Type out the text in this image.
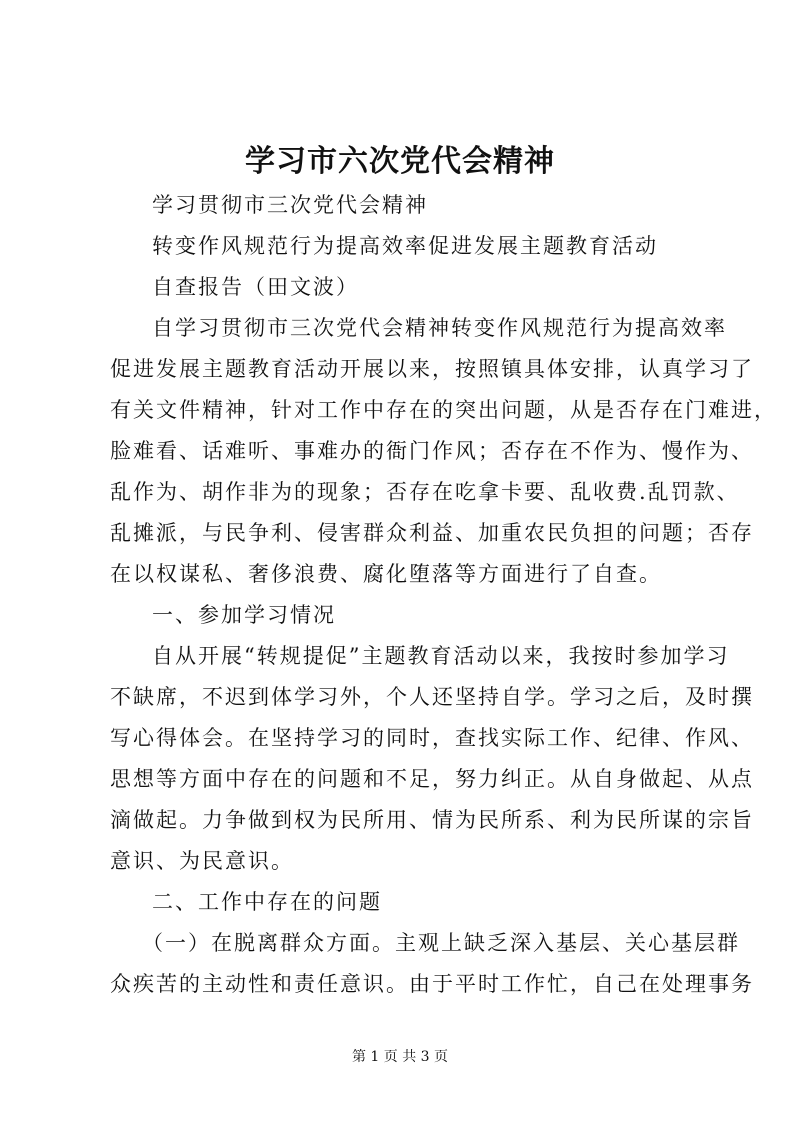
学习市六次党代会精神
学习贯彻市三次党代会精神
转变作风规范行为提高效率促进发展主题教育活动
自查报告（田文波）
自学习贯彻市三次党代会精神转变作风规范行为提高效率
促进发展主题教育活动开展以来，按照镇具体安排，认真学习了
有关文件精神，针对工作中存在的突出问题，从是否存在门难进，
脸难看、话难听、事难办的衙门作风；否存在不作为、慢作为、
乱作为、胡作非为的现象；否存在吃拿卡要、乱收费.乱罚款、
乱摊派，与民争利、侵害群众利益、加重农民负担的问题；否存
在以权谋私、奢侈浪费、腐化堕落等方面进行了自查。
一、参加学习情况
自从开展“转规提促”主题教育活动以来，我按时参加学习
不缺席，不迟到体学习外，个人还坚持自学。学习之后，及时撰
写心得体会。在坚持学习的同时，查找实际工作、纪律、作风、
思想等方面中存在的问题和不足，努力纠正。从自身做起、从点
滴做起。力争做到权为民所用、情为民所系、利为民所谋的宗旨
意识、为民意识。
二、工作中存在的问题
（一）在脱离群众方面。主观上缺乏深入基层、关心基层群
众疾苦的主动性和责任意识。由于平时工作忙，自己在处理事务
第 1 页 共 3 页
